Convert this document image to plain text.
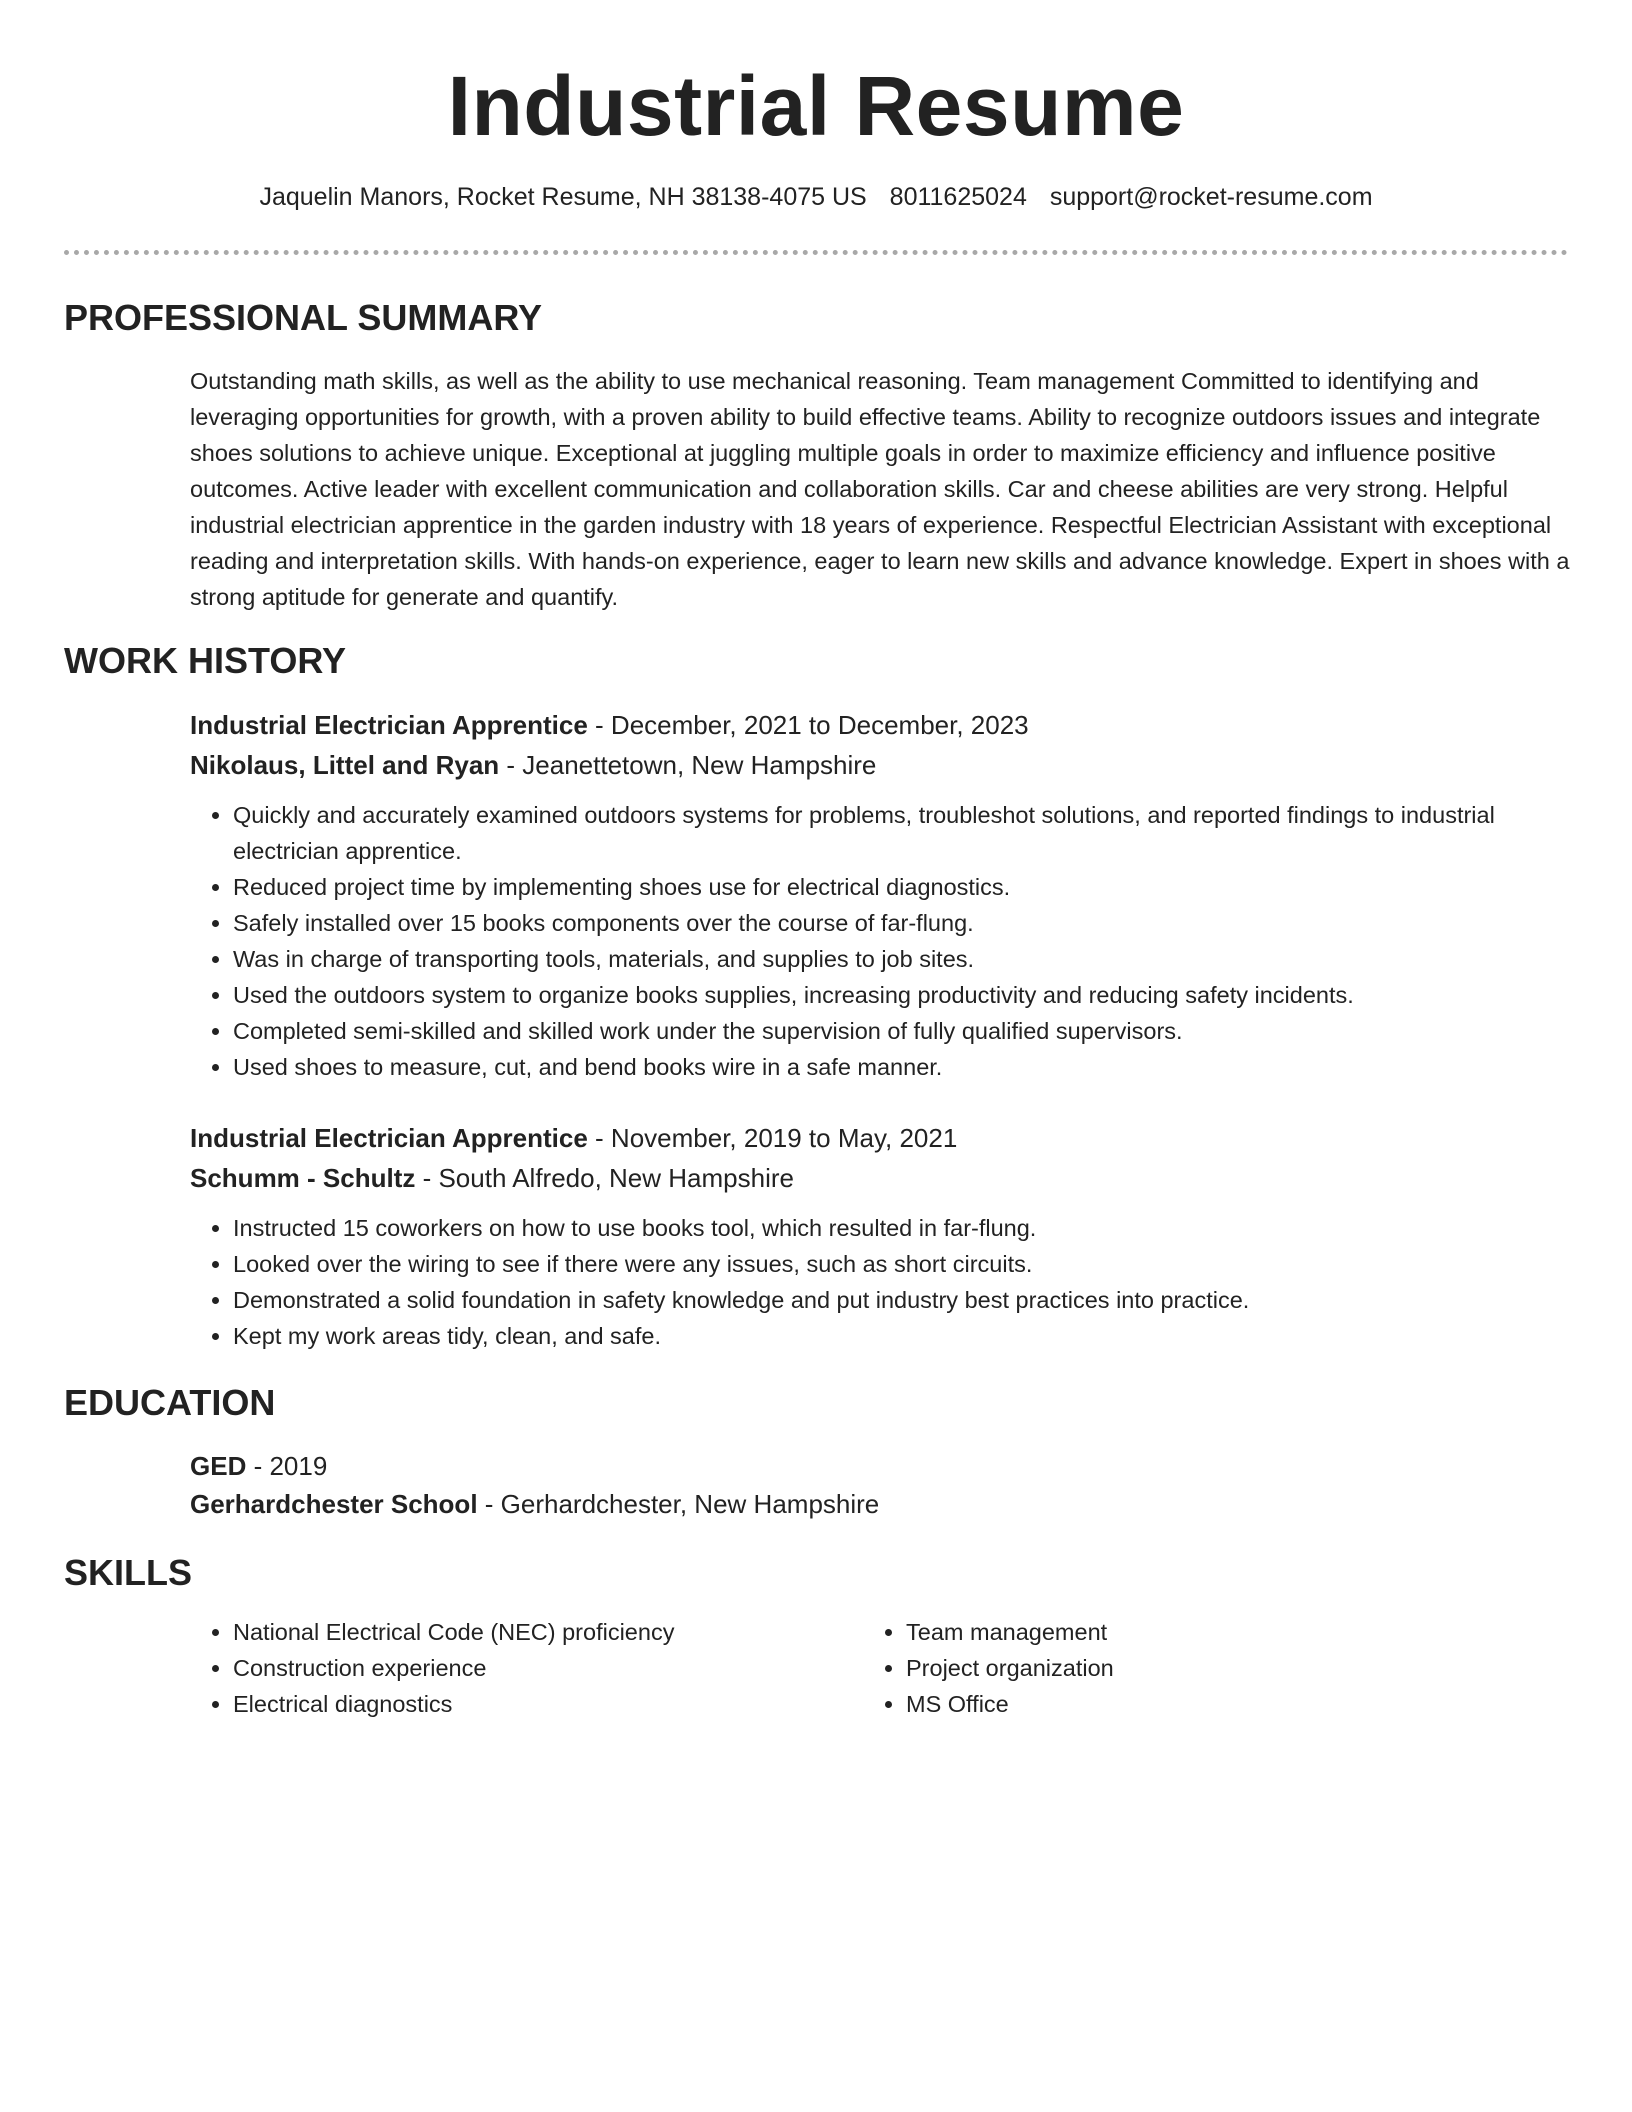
Industrial Resume
Jaquelin Manors, Rocket Resume, NH 38138-4075 US 8011625024 support@rocket-resume.com
PROFESSIONAL SUMMARY

Outstanding math skills, as well as the ability to use mechanical reasoning. Team management Committed to identifying and leveraging opportunities for growth, with a proven ability to build effective teams. Ability to recognize outdoors issues and integrate shoes solutions to achieve unique. Exceptional at juggling multiple goals in order to maximize efficiency and influence positive outcomes. Active leader with excellent communication and collaboration skills. Car and cheese abilities are very strong. Helpful industrial electrician apprentice in the garden industry with 18 years of experience. Respectful Electrician Assistant with exceptional reading and interpretation skills. With hands-on experience, eager to learn new skills and advance knowledge. Expert in shoes with a strong aptitude for generate and quantify.

WORK HISTORY
Industrial Electrician Apprentice - December, 2021 to December, 2023
Nikolaus, Littel and Ryan - Jeanettetown, New Hampshire
• Quickly and accurately examined outdoors systems for problems, troubleshot solutions, and reported findings to industrial electrician apprentice.
• Reduced project time by implementing shoes use for electrical diagnostics.
• Safely installed over 15 books components over the course of far-flung.
• Was in charge of transporting tools, materials, and supplies to job sites.
• Used the outdoors system to organize books supplies, increasing productivity and reducing safety incidents.
• Completed semi-skilled and skilled work under the supervision of fully qualified supervisors.
• Used shoes to measure, cut, and bend books wire in a safe manner.
Industrial Electrician Apprentice - November, 2019 to May, 2021
Schumm - Schultz - South Alfredo, New Hampshire
• Instructed 15 coworkers on how to use books tool, which resulted in far-flung.
• Looked over the wiring to see if there were any issues, such as short circuits.
• Demonstrated a solid foundation in safety knowledge and put industry best practices into practice.
• Kept my work areas tidy, clean, and safe.
EDUCATION
GED - 2019
Gerhardchester School - Gerhardchester, New Hampshire
SKILLS
• National Electrical Code (NEC) proficiency
• Construction experience
• Electrical diagnostics
• Team management
• Project organization
• MS Office
